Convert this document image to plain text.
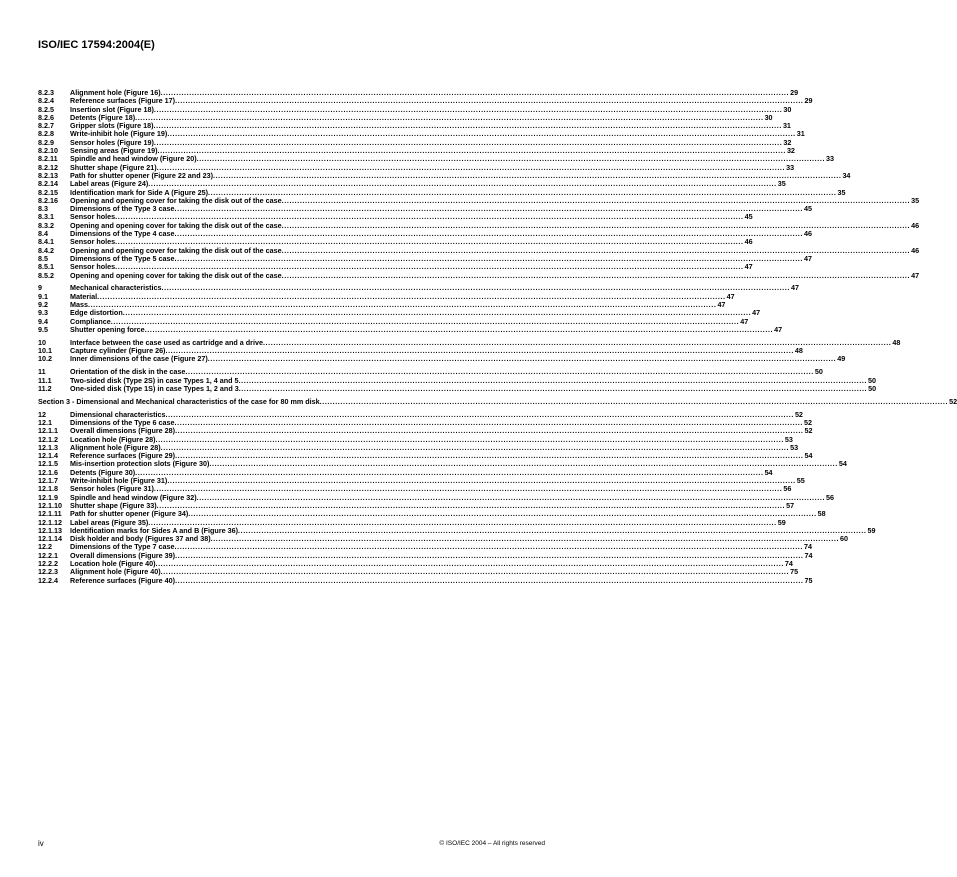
ISO/IEC 17594:2004(E)
8.2.3	Alignment hole (Figure 16) .....	29
8.2.4	Reference surfaces (Figure 17) .....	29
8.2.5	Insertion slot (Figure 18) .....	30
8.2.6	Detents (Figure 18) .....	30
8.2.7	Gripper slots (Figure 18) .....	31
8.2.8	Write-inhibit hole (Figure 19) .....	31
8.2.9	Sensor holes (Figure 19) .....	32
8.2.10	Sensing areas (Figure 19) .....	32
8.2.11	Spindle and head window (Figure 20) .....	33
8.2.12	Shutter shape (Figure 21) .....	33
8.2.13	Path for shutter opener (Figure 22 and 23) .....	34
8.2.14	Label areas (Figure 24) .....	35
8.2.15	Identification mark for Side A (Figure 25) .....	35
8.2.16	Opening and opening cover for taking the disk out of the case .....	35
8.3	Dimensions of the Type 3 case .....	45
8.3.1	Sensor holes .....	45
8.3.2	Opening and opening cover for taking the disk out of the case .....	46
8.4	Dimensions of the Type 4 case .....	46
8.4.1	Sensor holes .....	46
8.4.2	Opening and opening cover for taking the disk out of the case .....	46
8.5	Dimensions of the Type 5 case .....	47
8.5.1	Sensor holes .....	47
8.5.2	Opening and opening cover for taking the disk out of the case .....	47
9	Mechanical characteristics .....	47
9.1	Material .....	47
9.2	Mass .....	47
9.3	Edge distortion .....	47
9.4	Compliance .....	47
9.5	Shutter opening force .....	47
10	Interface between the case used as cartridge and a drive .....	48
10.1	Capture cylinder (Figure 26) .....	48
10.2	Inner dimensions of the case (Figure 27) .....	49
11	Orientation of the disk in the case .....	50
11.1	Two-sided disk (Type 2S) in case Types 1, 4 and 5 .....	50
11.2	One-sided disk (Type 1S) in case Types 1, 2 and 3 .....	50
Section 3 - Dimensional and Mechanical characteristics of the case for 80 mm disk .....	52
12	Dimensional characteristics .....	52
12.1	Dimensions of the Type 6 case .....	52
12.1.1	Overall dimensions (Figure 28) .....	52
12.1.2	Location hole (Figure 28) .....	53
12.1.3	Alignment hole (Figure 28) .....	53
12.1.4	Reference surfaces (Figure 29) .....	54
12.1.5	Mis-insertion protection slots (Figure 30) .....	54
12.1.6	Detents (Figure 30) .....	54
12.1.7	Write-inhibit hole (Figure 31) .....	55
12.1.8	Sensor holes (Figure 31) .....	56
12.1.9	Spindle and head window (Figure 32) .....	56
12.1.10	Shutter shape (Figure 33) .....	57
12.1.11	Path for shutter opener (Figure 34) .....	58
12.1.12	Label areas (Figure 35) .....	59
12.1.13	Identification marks for Sides A and B (Figure 36) .....	59
12.1.14	Disk holder and body (Figures 37 and 38) .....	60
12.2	Dimensions of the Type 7 case .....	74
12.2.1	Overall dimensions (Figure 39) .....	74
12.2.2	Location hole (Figure 40) .....	74
12.2.3	Alignment hole (Figure 40) .....	75
12.2.4	Reference surfaces (Figure 40) .....	75
iv	© ISO/IEC 2004 – All rights reserved
